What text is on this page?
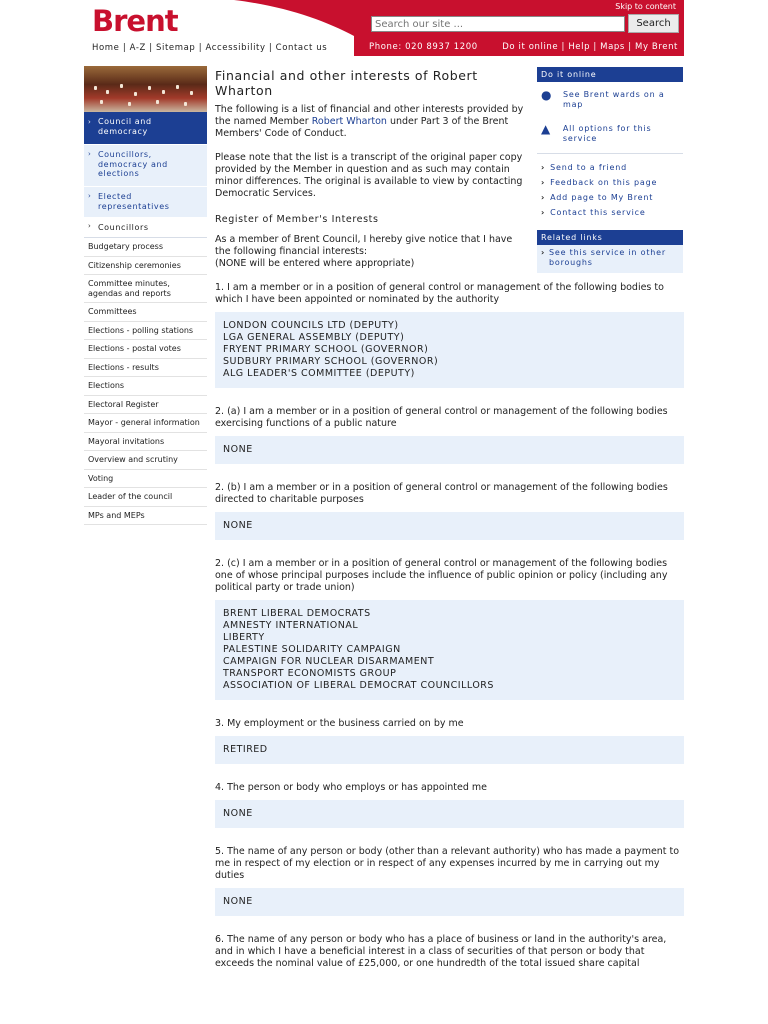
Brent	Skip to content
Search our site ...
Search
Home | A-Z | Sitemap | Accessibility | Contact us	Phone: 020 8937 1200	Do it online | Help | Maps | My Brent
› Council and democracy
› Councillors, democracy and elections
› Elected representatives
› Councillors
Budgetary process
Citizenship ceremonies
Committee minutes, agendas and reports
Committees
Elections - polling stations
Elections - postal votes
Elections - results
Elections
Electoral Register
Mayor - general information
Mayoral invitations
Overview and scrutiny
Voting
Leader of the council
MPs and MEPs
Financial and other interests of Robert Wharton
The following is a list of financial and other interests provided by the named Member Robert Wharton under Part 3 of the Brent Members' Code of Conduct.
Please note that the list is a transcript of the original paper copy provided by the Member in question and as such may contain minor differences. The original is available to view by contacting Democratic Services.
Register of Member's Interests
As a member of Brent Council, I hereby give notice that I have the following financial interests:
(NONE will be entered where appropriate)
1. I am a member or in a position of general control or management of the following bodies to which I have been appointed or nominated by the authority
LONDON COUNCILS LTD (DEPUTY)
LGA GENERAL ASSEMBLY (DEPUTY)
FRYENT PRIMARY SCHOOL (GOVERNOR)
SUDBURY PRIMARY SCHOOL (GOVERNOR)
ALG LEADER'S COMMITTEE (DEPUTY)
2. (a) I am a member or in a position of general control or management of the following bodies exercising functions of a public nature
NONE
2. (b) I am a member or in a position of general control or management of the following bodies directed to charitable purposes
NONE
2. (c) I am a member or in a position of general control or management of the following bodies one of whose principal purposes include the influence of public opinion or policy (including any political party or trade union)
BRENT LIBERAL DEMOCRATS
AMNESTY INTERNATIONAL
LIBERTY
PALESTINE SOLIDARITY CAMPAIGN
CAMPAIGN FOR NUCLEAR DISARMAMENT
TRANSPORT ECONOMISTS GROUP
ASSOCIATION OF LIBERAL DEMOCRAT COUNCILLORS
3. My employment or the business carried on by me
RETIRED
4. The person or body who employs or has appointed me
NONE
5. The name of any person or body (other than a relevant authority) who has made a payment to me in respect of my election or in respect of any expenses incurred by me in carrying out my duties
NONE
6. The name of any person or body who has a place of business or land in the authority's area, and in which I have a beneficial interest in a class of securities of that person or body that exceeds the nominal value of £25,000, or one hundredth of the total issued share capital
Do it online
● See Brent wards on a map
▲	All options for this service
› Send to a friend
› Feedback on this page
› Add page to My Brent
› Contact this service
Related links
› See this service in other boroughs
